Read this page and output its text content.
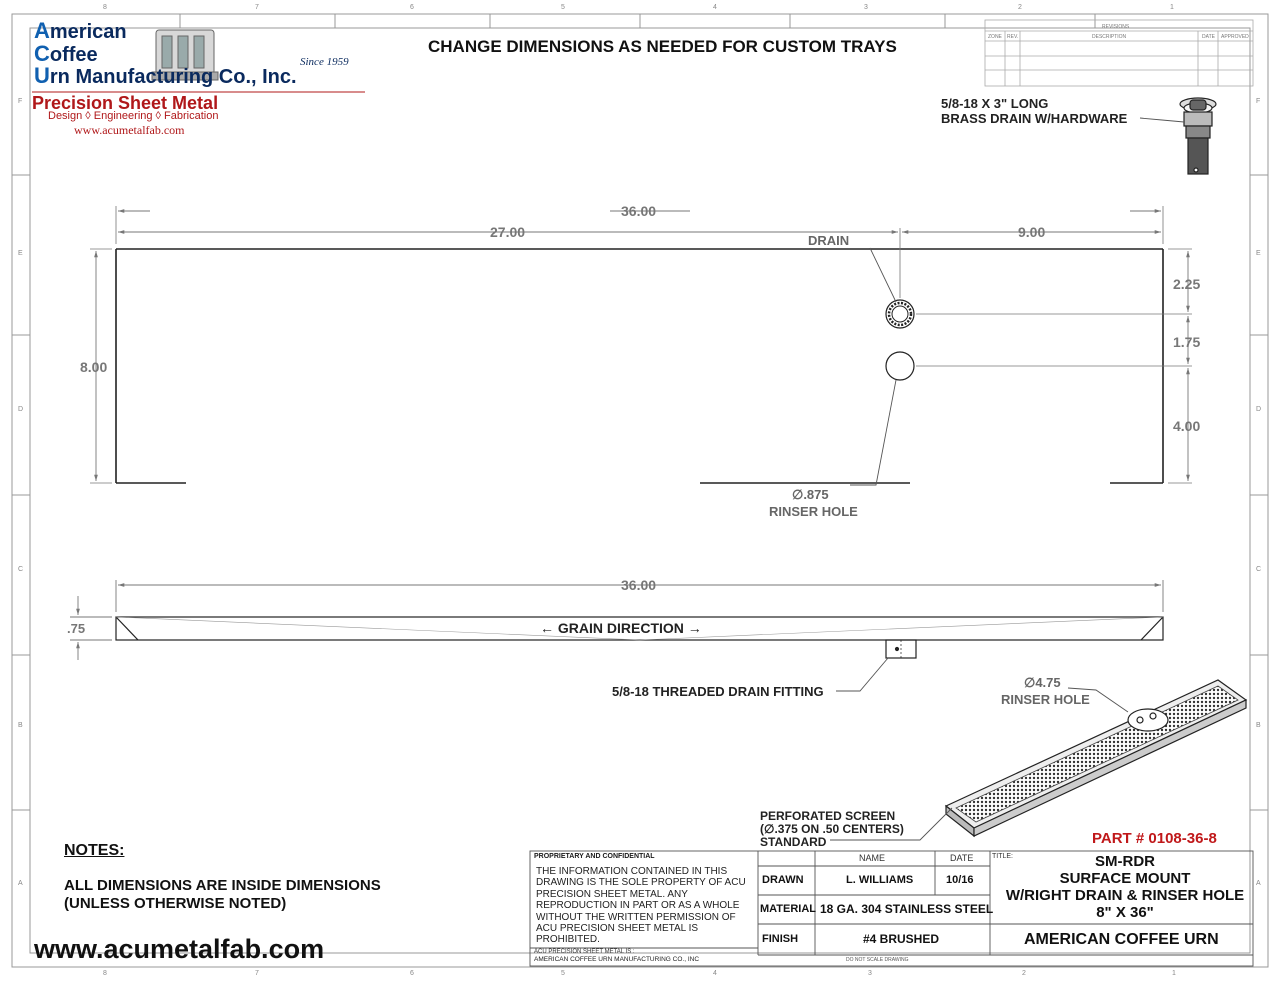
8	7	6	5	4	3	2	1
8	7	6	5	4	3	2	1
F
E
D
C
B
A
F
E
D
C
B
A
American
Coffee
Urn Manufacturing Co., Inc.
Since 1959
Precision Sheet Metal
Design ◊ Engineering ◊ Fabrication
www.acumetalfab.com
CHANGE DIMENSIONS AS NEEDED FOR CUSTOM TRAYS
REVISIONS
ZONE REV.	DESCRIPTION	DATE APPROVED
5/8-18 X 3" LONG
BRASS DRAIN W/HARDWARE
36.00
27.00	9.00
DRAIN
8.00
2.25
1.75
4.00
∅.875
RINSER HOLE
36.00
.75	← GRAIN DIRECTION →
5/8-18 THREADED DRAIN FITTING
∅4.75
RINSER HOLE
PERFORATED SCREEN
(∅.375 ON .50 CENTERS)
STANDARD
NOTES:
ALL DIMENSIONS ARE INSIDE DIMENSIONS
(UNLESS OTHERWISE NOTED)
www.acumetalfab.com
PART # 0108-36-8
PROPRIETARY AND CONFIDENTIAL
THE INFORMATION CONTAINED IN THIS DRAWING IS THE SOLE PROPERTY OF ACU PRECISION SHEET METAL. ANY REPRODUCTION IN PART OR AS A WHOLE WITHOUT THE WRITTEN PERMISSION OF ACU PRECISION SHEET METAL IS PROHIBITED.
ACU PRECISION SHEET METAL IS :
AMERICAN COFFEE URN MANUFACTURING CO., INC
NAME	DATE	TITLE:
DRAWN	L. WILLIAMS	10/16
MATERIAL 18 GA. 304 STAINLESS STEEL
FINISH	#4 BRUSHED
SM-RDR
SURFACE MOUNT
W/RIGHT DRAIN & RINSER HOLE
8" X 36"
AMERICAN COFFEE URN
DO NOT SCALE DRAWING
